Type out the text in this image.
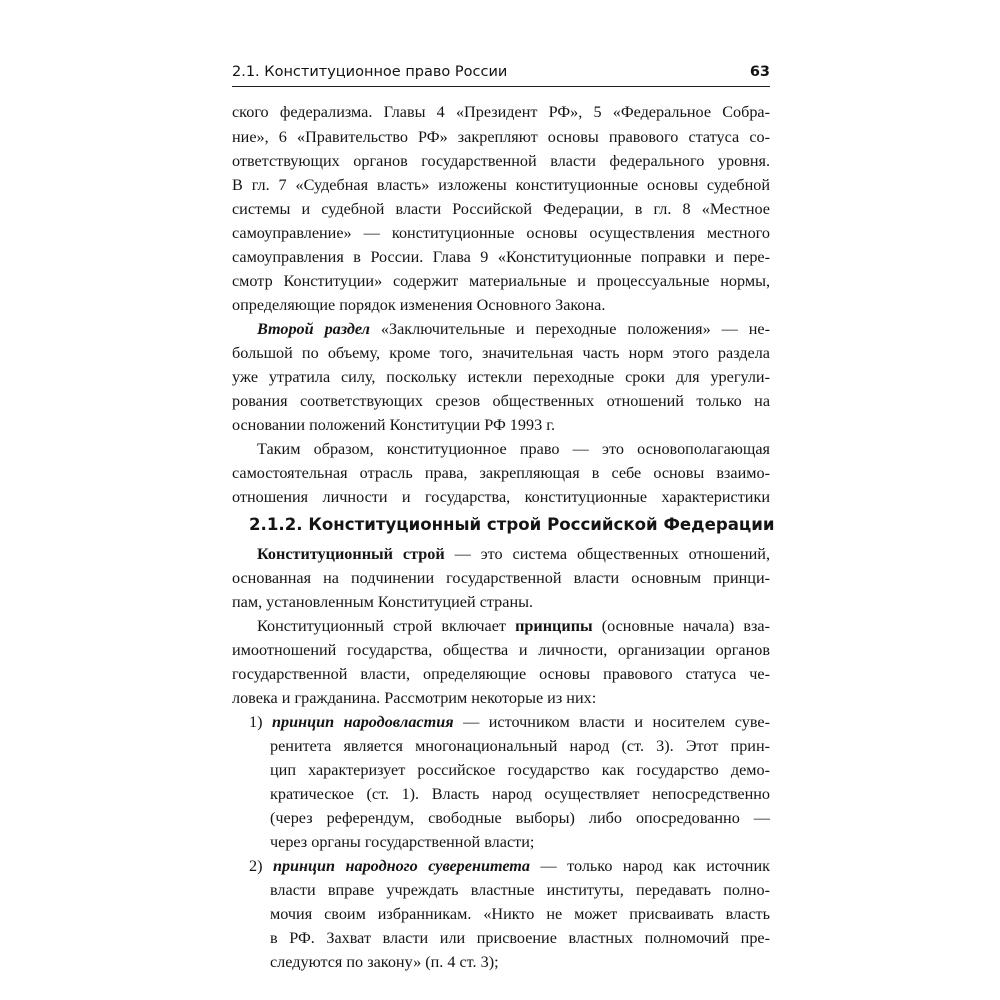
2.1. Конституционное право России	63
ского федерализма. Главы 4 «Президент РФ», 5 «Федеральное Собра-
ние», 6 «Правительство РФ» закрепляют основы правового статуса со-
ответствующих органов государственной власти федерального уровня.
В гл. 7 «Судебная власть» изложены конституционные основы судебной
системы и судебной власти Российской Федерации, в гл. 8 «Местное
самоуправление» — конституционные основы осуществления местного
самоуправления в России. Глава 9 «Конституционные поправки и пере-
смотр Конституции» содержит материальные и процессуальные нормы,
определяющие порядок изменения Основного Закона.
Второй раздел «Заключительные и переходные положения» — не-
большой по объему, кроме того, значительная часть норм этого раздела
уже утратила силу, поскольку истекли переходные сроки для урегули-
рования соответствующих срезов общественных отношений только на
основании положений Конституции РФ 1993 г.
Таким образом, конституционное право — это основополагающая
самостоятельная отрасль права, закрепляющая в себе основы взаимо-
отношения личности и государства, конституционные характеристики
2.1.2. Конституционный строй Российской Федерации
Конституционный строй — это система общественных отношений,
основанная на подчинении государственной власти основным принци-
пам, установленным Конституцией страны.
Конституционный строй включает принципы (основные начала) вза-
имоотношений государства, общества и личности, организации органов
государственной власти, определяющие основы правового статуса че-
ловека и гражданина. Рассмотрим некоторые из них:
1) принцип народовластия — источником власти и носителем суве-
ренитета является многонациональный народ (ст. 3). Этот прин-
цип характеризует российское государство как государство демо-
кратическое (ст. 1). Власть народ осуществляет непосредственно
(через референдум, свободные выборы) либо опосредованно —
через органы государственной власти;
2) принцип народного суверенитета — только народ как источник
власти вправе учреждать властные институты, передавать полно-
мочия своим избранникам. «Никто не может присваивать власть
в РФ. Захват власти или присвоение властных полномочий пре-
следуются по закону» (п. 4 ст. 3);
